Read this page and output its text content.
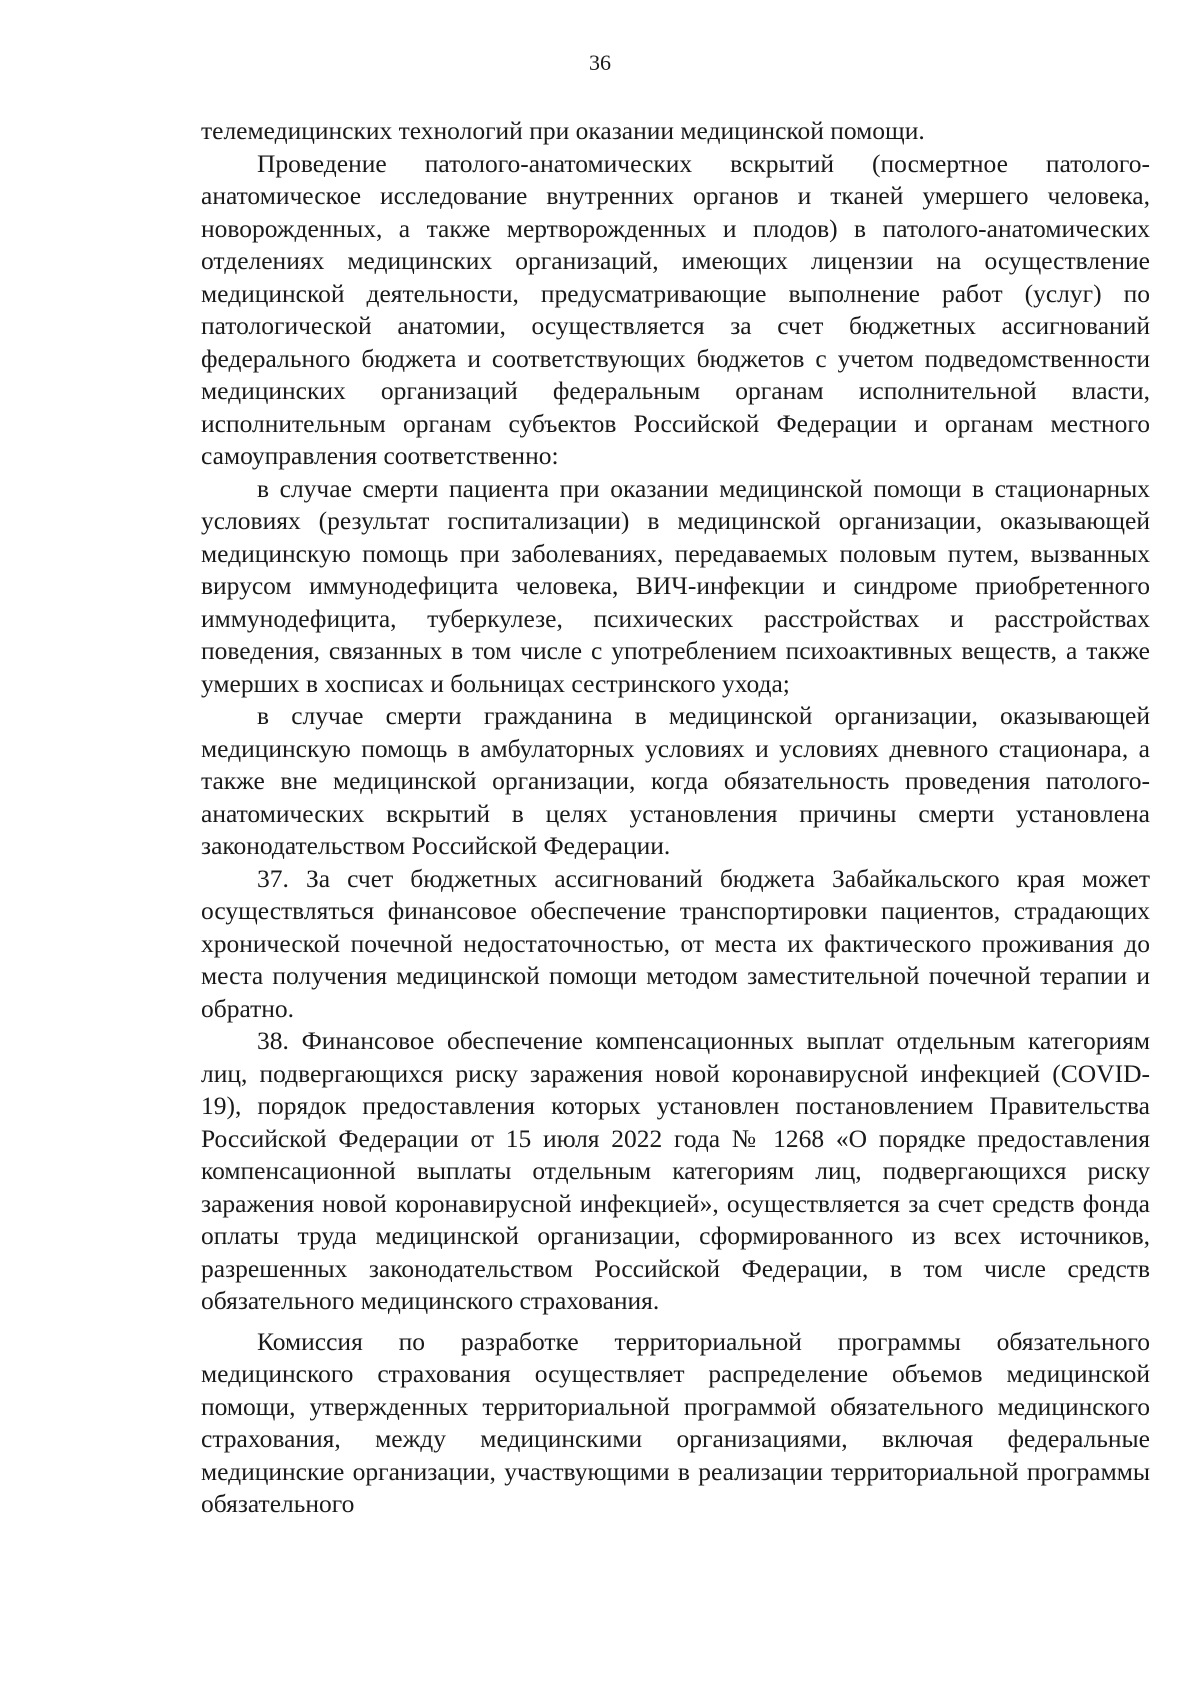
36

телемедицинских технологий при оказании медицинской помощи.

Проведение патолого-анатомических вскрытий (посмертное патолого-анатомическое исследование внутренних органов и тканей умершего человека, новорожденных, а также мертворожденных и плодов) в патолого-анатомических отделениях медицинских организаций, имеющих лицензии на осуществление медицинской деятельности, предусматривающие выполнение работ (услуг) по патологической анатомии, осуществляется за счет бюджетных ассигнований федерального бюджета и соответствующих бюджетов с учетом подведомственности медицинских организаций федеральным органам исполнительной власти, исполнительным органам субъектов Российской Федерации и органам местного самоуправления соответственно:

в случае смерти пациента при оказании медицинской помощи в стационарных условиях (результат госпитализации) в медицинской организации, оказывающей медицинскую помощь при заболеваниях, передаваемых половым путем, вызванных вирусом иммунодефицита человека, ВИЧ-инфекции и синдроме приобретенного иммунодефицита, туберкулезе, психических расстройствах и расстройствах поведения, связанных в том числе с употреблением психоактивных веществ, а также умерших в хосписах и больницах сестринского ухода;

в случае смерти гражданина в медицинской организации, оказывающей медицинскую помощь в амбулаторных условиях и условиях дневного стационара, а также вне медицинской организации, когда обязательность проведения патолого-анатомических вскрытий в целях установления причины смерти установлена законодательством Российской Федерации.

37. За счет бюджетных ассигнований бюджета Забайкальского края может осуществляться финансовое обеспечение транспортировки пациентов, страдающих хронической почечной недостаточностью, от места их фактического проживания до места получения медицинской помощи методом заместительной почечной терапии и обратно.

38. Финансовое обеспечение компенсационных выплат отдельным категориям лиц, подвергающихся риску заражения новой коронавирусной инфекцией (COVID-19), порядок предоставления которых установлен постановлением Правительства Российской Федерации от 15 июля 2022 года № 1268 «О порядке предоставления компенсационной выплаты отдельным категориям лиц, подвергающихся риску заражения новой коронавирусной инфекцией», осуществляется за счет средств фонда оплаты труда медицинской организации, сформированного из всех источников, разрешенных законодательством Российской Федерации, в том числе средств обязательного медицинского страхования.

Комиссия по разработке территориальной программы обязательного медицинского страхования осуществляет распределение объемов медицинской помощи, утвержденных территориальной программой обязательного медицинского страхования, между медицинскими организациями, включая федеральные медицинские организации, участвующими в реализации территориальной программы обязательного
